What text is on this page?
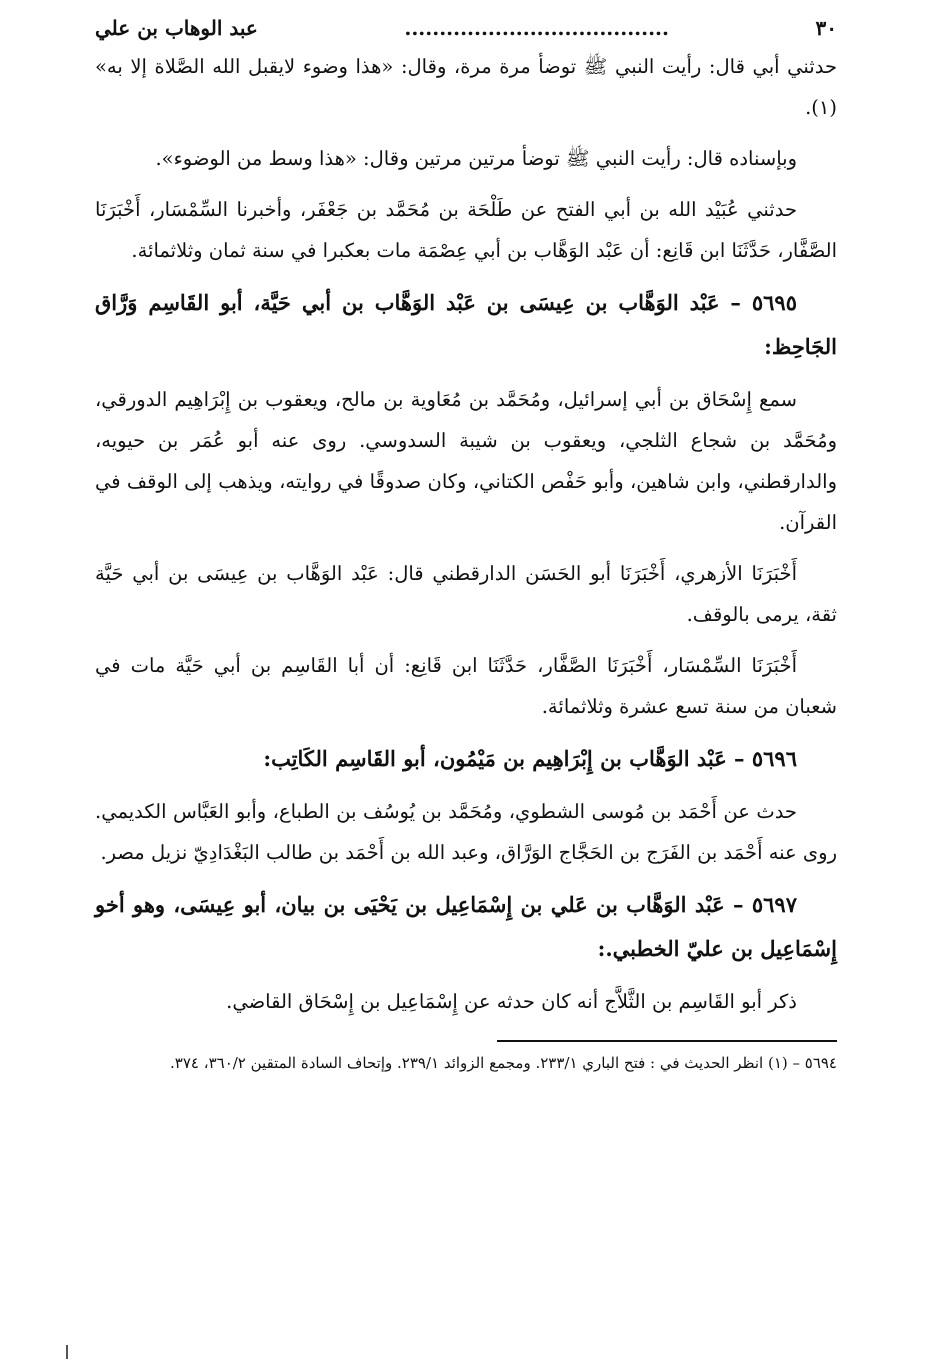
٣٠
......................................
عبد الوهاب بن علي

حدثني أبي قال: رأيت النبي ﷺ توضأ مرة مرة، وقال: «هذا وضوء لايقبل الله الصَّلاة إلا به» (١).

وبإسناده قال: رأيت النبي ﷺ توضأ مرتين مرتين وقال: «هذا وسط من الوضوء».

حدثني عُبَيْد الله بن أبي الفتح عن طَلْحَة بن مُحَمَّد بن جَعْفَر، وأخبرنا السِّمْسَار، أَخْبَرَنَا الصَّفَّار، حَدَّثَنَا ابن قَانِع: أن عَبْد الوَهَّاب بن أبي عِصْمَة مات بعكبرا في سنة ثمان وثلاثمائة.

٥٦٩٥ – عَبْد الوَهَّاب بن عِيسَى بن عَبْد الوَهَّاب بن أبي حَيَّة، أبو القَاسِم وَرَّاق الجَاحِظ:

سمع إِسْحَاق بن أبي إسرائيل، ومُحَمَّد بن مُعَاوية بن مالح، ويعقوب بن إِبْرَاهِيم الدورقي، ومُحَمَّد بن شجاع الثلجي، ويعقوب بن شيبة السدوسي. روى عنه أبو عُمَر بن حيويه، والدارقطني، وابن شاهين، وأبو حَفْص الكتاني، وكان صدوقًا في روايته، ويذهب إلى الوقف في القرآن.

أَخْبَرَنَا الأزهري، أَخْبَرَنَا أبو الحَسَن الدارقطني قال: عَبْد الوَهَّاب بن عِيسَى بن أبي حَيَّة ثقة، يرمى بالوقف.

أَخْبَرَنَا السِّمْسَار، أَخْبَرَنَا الصَّفَّار، حَدَّثَنَا ابن قَانِع: أن أبا القَاسِم بن أبي حَيَّة مات في شعبان من سنة تسع عشرة وثلاثمائة.

٥٦٩٦ – عَبْد الوَهَّاب بن إِبْرَاهِيم بن مَيْمُون، أبو القَاسِم الكَاتِب:

حدث عن أَحْمَد بن مُوسى الشطوي، ومُحَمَّد بن يُوسُف بن الطباع، وأبو العَبَّاس الكديمي. روى عنه أَحْمَد بن الفَرَج بن الحَجَّاج الوَرَّاق، وعبد الله بن أَحْمَد بن طالب البَغْدَادِيّ نزيل مصر.

٥٦٩٧ – عَبْد الوَهَّاب بن عَلي بن إِسْمَاعِيل بن يَحْيَى بن بيان، أبو عِيسَى، وهو أخو إِسْمَاعِيل بن عليّ الخطبي.:

ذكر أبو القَاسِم بن الثَّلاَّج أنه كان حدثه عن إِسْمَاعِيل بن إِسْحَاق القاضي.

٥٦٩٤ – (١) انظر الحديث في : فتح الباري ٢٣٣/١. ومجمع الزوائد ٢٣٩/١. وإتحاف السادة المتقين ٣٦٠/٢، ٣٧٤.
